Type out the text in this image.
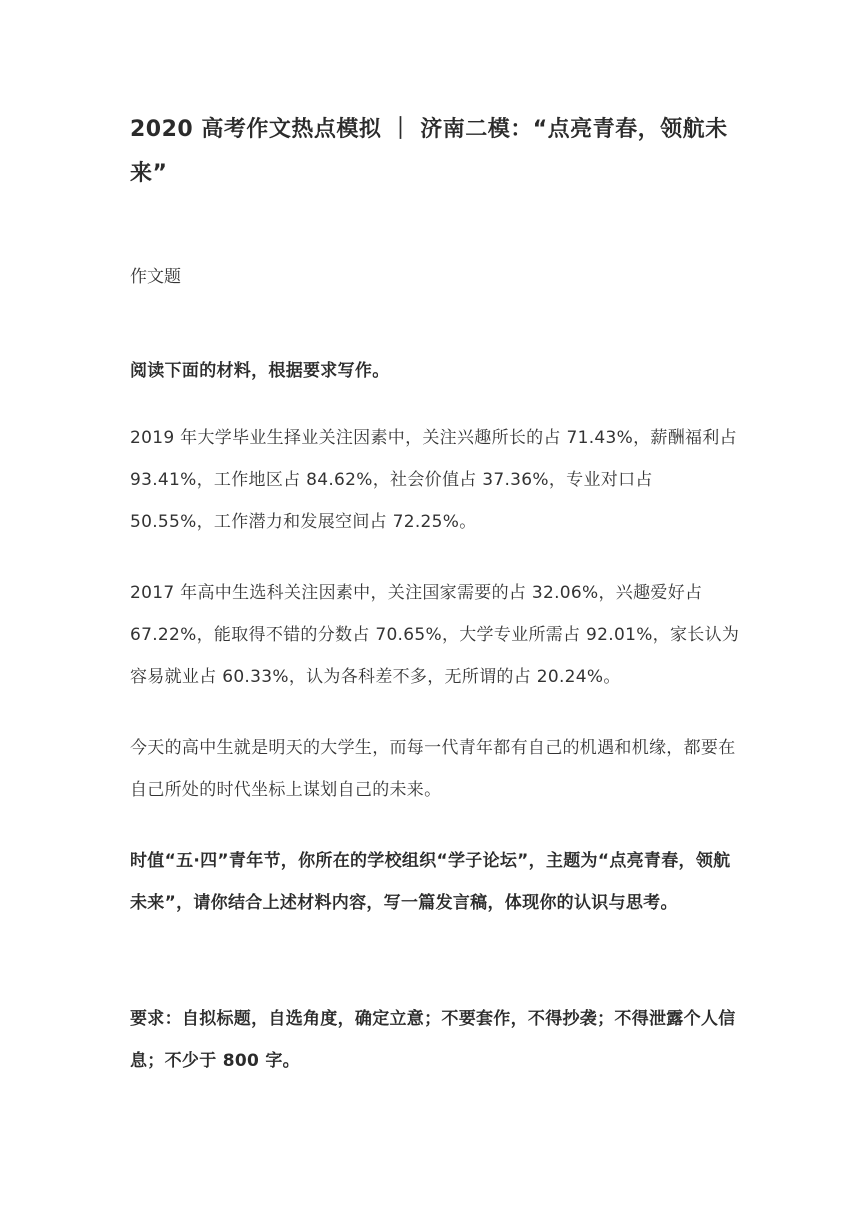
2020 高考作文热点模拟 ｜ 济南二模：“点亮青春，领航未来”

作文题

阅读下面的材料，根据要求写作。

2019 年大学毕业生择业关注因素中，关注兴趣所长的占 71.43%，薪酬福利占 93.41%，工作地区占 84.62%，社会价值占 37.36%，专业对口占 50.55%，工作潜力和发展空间占 72.25%。

2017 年高中生选科关注因素中，关注国家需要的占 32.06%，兴趣爱好占 67.22%，能取得不错的分数占 70.65%，大学专业所需占 92.01%，家长认为容易就业占 60.33%，认为各科差不多，无所谓的占 20.24%。

今天的高中生就是明天的大学生，而每一代青年都有自己的机遇和机缘，都要在自己所处的时代坐标上谋划自己的未来。

时值“五·四”青年节，你所在的学校组织“学子论坛”，主题为“点亮青春，领航未来”，请你结合上述材料内容，写一篇发言稿，体现你的认识与思考。

要求：自拟标题，自选角度，确定立意；不要套作，不得抄袭；不得泄露个人信息；不少于 800 字。
